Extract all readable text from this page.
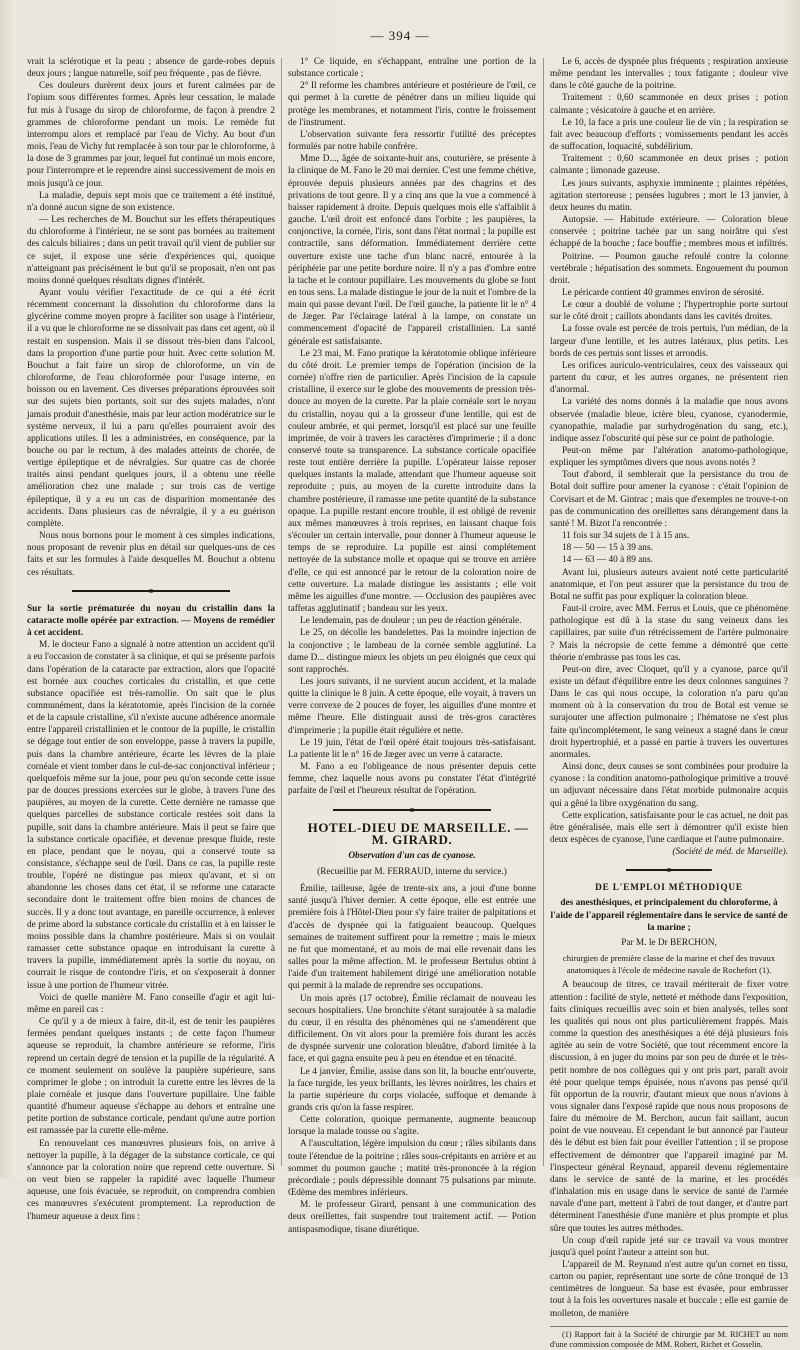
— 394 —

vrait la sclérotique et la peau ; absence de garde-robes depuis deux jours ; langue naturelle, soif peu fréquente , pas de fièvre.

Ces douleurs durèrent deux jours et furent calmées par de l'opium sous différentes formes. Après leur cessation, le malade fut mis à l'usage du sirop de chloroforme, de façon à prendre 2 grammes de chloroforme pendant un mois. Le remède fut interrompu alors et remplacé par l'eau de Vichy. Au bout d'un mois, l'eau de Vichy fut remplacée à son tour par le chloroforme, à la dose de 3 grammes par jour, lequel fut continué un mois encore, pour l'interrompre et le reprendre ainsi successivement de mois en mois jusqu'à ce jour.

La maladie, depuis sept mois que ce traitement a été institué, n'a donné aucun signe de son existence.

— Les recherches de M. Bouchut sur les effets thérapeutiques du chloroforme à l'intérieur, ne se sont pas bornées au traitement des calculs biliaires ; dans un petit travail qu'il vient de publier sur ce sujet, il expose une série d'expériences qui, quoique n'atteignant pas précisément le but qu'il se proposait, n'en ont pas moins donné quelques résultats dignes d'intérêt.

Ayant voulu vérifier l'exactitude de ce qui a été écrit récemment concernant la dissolution du chloroforme dans la glycérine comme moyen propre à faciliter son usage à l'intérieur, il a vu que le chloroforme ne se dissolvait pas dans cet agent, où il restait en suspension. Mais il se dissout très-bien dans l'alcool, dans la proportion d'une partie pour huit. Avec cette solution M. Bouchut a fait faire un sirop de chloroforme, un vin de chloroforme, de l'eau chloroformée pour l'usage interne, en boisson ou en lavement. Ces diverses préparations éprouvées soit sur des sujets bien portants, soit sur des sujets malades, n'ont jamais produit d'anesthésie, mais par leur action modératrice sur le système nerveux, il lui a paru qu'elles pourraient avoir des applications utiles. Il les a administrées, en conséquence, par la bouche ou par le rectum, à des malades atteints de chorée, de vertige épileptique et de névralgies. Sur quatre cas de chorée traités ainsi pendant quelques jours, il a obtenu une réelle amélioration chez une malade ; sur trois cas de vertige épileptique, il y a eu un cas de disparition momentanée des accidents. Dans plusieurs cas de névralgie, il y a eu guérison complète.

Nous nous bornons pour le moment à ces simples indications, nous proposant de revenir plus en détail sur quelques-uns de ces faits et sur les formules à l'aide desquelles M. Bouchut a obtenu ces résultats.

Sur la sortie prématurée du noyau du cristallin dans la cataracte molle opérée par extraction. — Moyens de remédier à cet accident.

M. le docteur Fano a signalé à notre attention un accident qu'il a eu l'occasion de constater à sa clinique, et qui se présente parfois dans l'opération de la cataracte par extraction, alors que l'opacité est bornée aux couches corticales du cristallin, et que cette substance opacifiée est très-ramollie. On sait que le plus communément, dans la kératotomie, après l'incision de la cornée et de la capsule cristalline, s'il n'existe aucune adhérence anormale entre l'appareil cristallinien et le contour de la pupille, le cristallin se dégage tout entier de son enveloppe, passe à travers la pupille, puis dans la chambre antérieure, écarte les lèvres de la plaie cornéale et vient tomber dans le cul-de-sac conjonctival inférieur ; quelquefois même sur la joue, pour peu qu'on seconde cette issue par de douces pressions exercées sur le globe, à travers l'une des paupières, au moyen de la curette. Cette dernière ne ramasse que quelques parcelles de substance corticale restées soit dans la pupille, soit dans la chambre antérieure. Mais il peut se faire que la substance corticale opacifiée, et devenue presque fluide, reste en place, pendant que le noyau, qui a conservé toute sa consistance, s'échappe seul de l'œil. Dans ce cas, la pupille reste trouble, l'opéré ne distingue pas mieux qu'avant, et si on abandonne les choses dans cet état, il se reforme une cataracte secondaire dont le traitement offre bien moins de chances de succès. Il y a donc tout avantage, en pareille occurrence, à enlever de prime abord la substance corticale du cristallin et à en laisser le moins possible dans la chambre postérieure. Mais si on voulait ramasser cette substance opaque en introduisant la curette à travers la pupille, immédiatement après la sortie du noyau, on courrait le risque de contondre l'iris, et on s'exposerait à donner issue à une portion de l'humeur vitrée.

Voici de quelle manière M. Fano conseille d'agir et agit lui-même en pareil cas :

Ce qu'il y a de mieux à faire, dit-il, est de tenir les paupières fermées pendant quelques instants ; de cette façon l'humeur aqueuse se reproduit, la chambre antérieure se reforme, l'iris reprend un certain degré de tension et la pupille de la régularité. A ce moment seulement on soulève la paupière supérieure, sans comprimer le globe ; on introduit la curette entre les lèvres de la plaie cornéale et jusque dans l'ouverture pupillaire. Une faible quantité d'humeur aqueuse s'échappe au dehors et entraîne une petite portion de substance corticale, pendant qu'une autre portion est ramassée par la curette elle-même.

En renouvelant ces manœuvres plusieurs fois, on arrive à nettoyer la pupille, à la dégager de la substance corticale, ce qui s'annonce par la coloration noire que reprend cette ouverture. Si on veut bien se rappeler la rapidité avec laquelle l'humeur aqueuse, une fois évacuée, se reproduit, on comprendra combien ces manœuvres s'exécutent promptement. La reproduction de l'humeur aqueuse a deux fins :

1° Ce liquide, en s'échappant, entraîne une portion de la substance corticale ;

2° Il reforme les chambres antérieure et postérieure de l'œil, ce qui permet à la curette de pénétrer dans un milieu liquide qui protège les membranes, et notamment l'iris, contre le froissement de l'instrument.

L'observation suivante fera ressortir l'utilité des préceptes formulés par notre habile confrère.

Mme D..., âgée de soixante-huit ans, couturière, se présente à la clinique de M. Fano le 20 mai dernier. C'est une femme chétive, éprouvée depuis plusieurs années par des chagrins et des privations de tout genre. Il y a cinq ans que la vue a commencé à baisser rapidement à droite. Depuis quelques mois elle s'affaiblit à gauche. L'œil droit est enfoncé dans l'orbite ; les paupières, la conjonctive, la cornée, l'iris, sont dans l'état normal ; la pupille est contractile, sans déformation. Immédiatement derrière cette ouverture existe une tache d'un blanc nacré, entourée à la périphérie par une petite bordure noire. Il n'y a pas d'ombre entre la tache et le contour pupillaire. Les mouvements du globe se font en tous sens. La malade distingue le jour de la nuit et l'ombre de la main qui passe devant l'œil. De l'œil gauche, la patiente lit le n° 4 de Jæger. Par l'éclairage latéral à la lampe, on constate un commencement d'opacité de l'appareil cristallinien. La santé générale est satisfaisante.

Le 23 mai, M. Fano pratique la kératotomie oblique inférieure du côté droit. Le premier temps de l'opération (incision de la cornée) n'offre rien de particulier. Après l'incision de la capsule cristalline, il exerce sur le globe des mouvements de pression très-douce au moyen de la curette. Par la plaie cornéale sort le noyau du cristallin, noyau qui a la grosseur d'une lentille, qui est de couleur ambrée, et qui permet, lorsqu'il est placé sur une feuille imprimée, de voir à travers les caractères d'imprimerie ; il a donc conservé toute sa transparence. La substance corticale opacifiée reste tout entière derrière la pupille. L'opérateur laisse reposer quelques instants la malade, attendant que l'humeur aqueuse soit reproduite ; puis, au moyen de la curette introduite dans la chambre postérieure, il ramasse une petite quantité de la substance opaque. La pupille restant encore trouble, il est obligé de revenir aux mêmes manœuvres à trois reprises, en laissant chaque fois s'écouler un certain intervalle, pour donner à l'humeur aqueuse le temps de se reproduire. La pupille est ainsi complétement nettoyée de la substance molle et opaque qui se trouve en arrière d'elle, ce qui est annoncé par le retour de la coloration noire de cette ouverture. La malade distingue les assistants ; elle voit même les aiguilles d'une montre. — Occlusion des paupières avec taffetas agglutinatif ; bandeau sur les yeux.

Le lendemain, pas de douleur ; un peu de réaction générale.

Le 25, on décolle les bandelettes. Pas la moindre injection de la conjonctive ; le lambeau de la cornée semble agglutiné. La dame D... distingue mieux les objets un peu éloignés que ceux qui sont rapprochés.

Les jours suivants, il ne survient aucun accident, et la malade quitte la clinique le 8 juin. A cette époque, elle voyait, à travers un verre convexe de 2 pouces de foyer, les aiguilles d'une montre et même l'heure. Elle distinguait aussi de très-gros caractères d'imprimerie ; la pupille était régulière et nette.

Le 19 juin, l'état de l'œil opéré était toujours très-satisfaisant. La patiente lit le n° 16 de Jæger avec un verre à cataracte.

M. Fano a eu l'obligeance de nous présenter depuis cette femme, chez laquelle nous avons pu constater l'état d'intégrité parfaite de l'œil et l'heureux résultat de l'opération.

HOTEL-DIEU DE MARSEILLE. — M. GIRARD.

Observation d'un cas de cyanose.

(Recueillie par M. FERRAUD, interne du service.)

Émilie, tailleuse, âgée de trente-six ans, a joui d'une bonne santé jusqu'à l'hiver dernier. A cette époque, elle est entrée une première fois à l'Hôtel-Dieu pour s'y faire traiter de palpitations et d'accès de dyspnée qui la fatiguaient beaucoup. Quelques semaines de traitement suffirent pour la remettre ; mais le mieux ne fut que momentané, et au mois de mai elle revenait dans les salles pour la même affection. M. le professeur Bertulus obtint à l'aide d'un traitement habilement dirigé une amélioration notable qui permit à la malade de reprendre ses occupations.

Un mois après (17 octobre), Émilie réclamait de nouveau les secours hospitaliers. Une bronchite s'étant surajoutée à sa maladie du cœur, il en résulta des phénomènes qui ne s'amendèrent que difficilement. On vit alors pour la première fois durant les accès de dyspnée survenir une coloration bleuâtre, d'abord limitée à la face, et qui gagna ensuite peu à peu en étendue et en ténacité.

Le 4 janvier, Émilie, assise dans son lit, la bouche entr'ouverte, la face turgide, les yeux brillants, les lèvres noirâtres, les chairs et la partie supérieure du corps violacée, suffoque et demande à grands cris qu'on la fasse respirer.

Cette coloration, quoique permanente, augmente beaucoup lorsque la malade tousse ou s'agite.

A l'auscultation, légère impulsion du cœur ; râles sibilants dans toute l'étendue de la poitrine ; râles sous-crépitants en arrière et au sommet du poumon gauche ; matité très-prononcée à la région précordiale ; pouls dépressible donnant 75 pulsations par minute. Œdème des membres inférieurs.

M. le professeur Girard, pensant à une communication des deux oreillettes, fait suspendre tout traitement actif. — Potion antispasmodique, tisane diurétique.

Le 6, accès de dyspnée plus fréquents ; respiration anxieuse même pendant les intervalles ; toux fatigante ; douleur vive dans le côté gauche de la poitrine.

Traitement : 0,60 scammonée en deux prises ; potion calmante ; vésicatoire à gauche et en arrière.

Le 10, la face a pris une couleur lie de vin ; la respiration se fait avec beaucoup d'efforts ; vomissements pendant les accès de suffocation, loquacité, subdélirium.

Traitement : 0,60 scammonée en deux prises ; potion calmante ; limonade gazeuse.

Les jours suivants, asphyxie imminente ; plaintes répétées, agitation stertoreuse ; pensées lugubres ; mort le 13 janvier, à deux heures du matin.

Autopsie. — Habitude extérieure. — Coloration bleue conservée ; poitrine tachée par un sang noirâtre qui s'est échappé de la bouche ; face bouffie ; membres mous et infiltrés.

Poitrine. — Poumon gauche refoulé contre la colonne vertébrale ; hépatisation des sommets. Engouement du poumon droit.

Le péricarde contient 40 grammes environ de sérosité.

Le cœur a doublé de volume ; l'hypertrophie porte surtout sur le côté droit ; caillots abondants dans les cavités droites.

La fosse ovale est percée de trois pertuis, l'un médian, de la largeur d'une lentille, et les autres latéraux, plus petits. Les bords de ces pertuis sont lisses et arrondis.

Les orifices auriculo-ventriculaires, ceux des vaisseaux qui partent du cœur, et les autres organes, ne présentent rien d'anormal.

La variété des noms donnés à la maladie que nous avons observée (maladie bleue, ictère bleu, cyanose, cyanodermie, cyanopathie, maladie par surhydrogénation du sang, etc.), indique assez l'obscurité qui pèse sur ce point de pathologie.

Peut-on même par l'altération anatomo-pathologique, expliquer les symptômes divers que nous avons notés ?

Tout d'abord, il semblerait que la persistance du trou de Botal doit suffire pour amener la cyanose : c'était l'opinion de Corvisart et de M. Gintrac ; mais que d'exemples ne trouve-t-on pas de communication des oreillettes sans dérangement dans la santé ! M. Bizot l'a rencontrée :

11 fois sur 34 sujets de 1 à 15 ans.

18 — 50 — 15 à 39 ans.

14 — 63 — 40 à 89 ans.

Avant lui, plusieurs auteurs avaient noté cette particularité anatomique, et l'on peut assurer que la persistance du trou de Botal ne suffit pas pour expliquer la coloration bleue.

Faut-il croire, avec MM. Ferrus et Louis, que ce phénomène pathologique est dû à la stase du sang veineux dans les capillaires, par suite d'un rétrécissement de l'artère pulmonaire ? Mais la nécropsie de cette femme a démontré que cette théorie n'embrasse pas tous les cas.

Peut-on dire, avec Cloquet, qu'il y a cyanose, parce qu'il existe un défaut d'équilibre entre les deux colonnes sanguines ? Dans le cas qui nous occupe, la coloration n'a paru qu'au moment où à la conservation du trou de Botal est venue se surajouter une affection pulmonaire ; l'hématose ne s'est plus faite qu'incomplétement, le sang veineux a stagné dans le cœur droit hypertrophié, et a passé en partie à travers les ouvertures anormales.

Ainsi donc, deux causes se sont combinées pour produire la cyanose : la condition anatomo-pathologique primitive a trouvé un adjuvant nécessaire dans l'état morbide pulmonaire acquis qui a gêné la libre oxygénation du sang.

Cette explication, satisfaisante pour le cas actuel, ne doit pas être généralisée, mais elle sert à démontrer qu'il existe bien deux espèces de cyanose, l'une cardiaque et l'autre pulmonaire.

(Société de méd. de Marseille).

DE L'EMPLOI MÉTHODIQUE

des anesthésiques, et principalement du chloroforme, à l'aide de l'appareil réglementaire dans le service de santé de la marine ;

Par M. le Dr BERCHON,

chirurgien de première classe de la marine et chef des travaux anatomiques à l'école de médecine navale de Rochefort (1).

A beaucoup de titres, ce travail mériterait de fixer votre attention : facilité de style, netteté et méthode dans l'exposition, faits cliniques recueillis avec soin et bien analysés, telles sont les qualités qui nous ont plus particulièrement frappés. Mais comme la question des anesthésiques a été déjà plusieurs fois agitée au sein de votre Société, que tout récemment encore la discussion, à en juger du moins par son peu de durée et le très-petit nombre de nos collègues qui y ont pris part, paraît avoir été pour quelque temps épuisée, nous n'avons pas pensé qu'il fût opportun de la rouvrir, d'autant mieux que nous n'avions à vous signaler dans l'exposé rapide que nous nous proposons de faire du mémoire de M. Berchon, aucun fait saillant, aucun point de vue nouveau. Et cependant le but annoncé par l'auteur dès le début est bien fait pour éveiller l'attention ; il se propose effectivement de démontrer que l'appareil imaginé par M. l'inspecteur général Reynaud, appareil devenu réglementaire dans le service de santé de la marine, et les procédés d'inhalation mis en usage dans le service de santé de l'armée navale d'une part, mettent à l'abri de tout danger, et d'autre part déterminent l'anesthésie d'une manière et plus prompte et plus sûre que toutes les autres méthodes.

Un coup d'œil rapide jeté sur ce travail va vous montrer jusqu'à quel point l'auteur a atteint son but.

L'appareil de M. Reynaud n'est autre qu'un cornet en tissu, carton ou papier, représentant une sorte de cône tronqué de 13 centimètres de longueur. Sa base est évasée, pour embrasser tout à la fois les ouvertures nasale et buccale ; elle est garnie de molleton, de manière

(1) Rapport fait à la Société de chirurgie par M. RICHET au nom d'une commission composée de MM. Robert, Richet et Gosselin.
